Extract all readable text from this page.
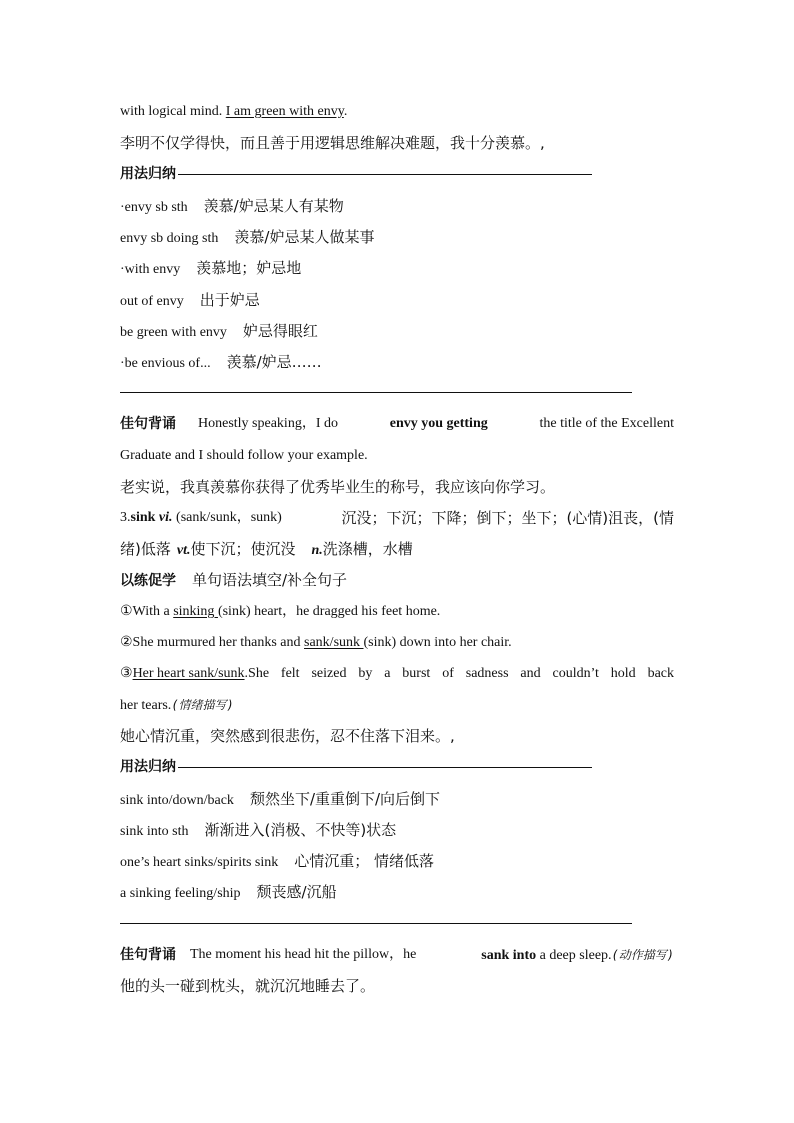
with logical mind. I am green with envy.
李明不仅学得快，而且善于用逻辑思维解决难题，我十分羡慕。,
用法归纳
·envy sb sth 羡慕/妒忌某人有某物
envy sb doing sth 羡慕/妒忌某人做某事
·with envy 羡慕地；妒忌地
out of envy 出于妒忌
be green with envy 妒忌得眼红
·be envious of... 羡慕/妒忌……
佳句背诵 Honestly speaking，I do	envy you getting	the title of the Excellent
Graduate and I should follow your example.
老实说，我真羡慕你获得了优秀毕业生的称号，我应该向你学习。
3.sink vi. (sank/sunk，sunk)	沉没；下沉；下降；倒下；坐下；(心情)沮丧，(情
绪)低落 vt.使下沉；使沉没 n.洗涤槽，水槽
以练促学 单句语法填空/补全句子
①With a sinking (sink) heart，he dragged his feet home.
②She murmured her thanks and sank/sunk (sink) down into her chair.
③ Her heart sank/sunk .She felt seized by a burst of sadness and couldn’t hold back
her tears.(情绪描写)
她心情沉重，突然感到很悲伤，忍不住落下泪来。,
用法归纳
sink into/down/back 颓然坐下/重重倒下/向后倒下
sink into sth 渐渐进入(消极、不快等)状态
one’s heart sinks/spirits sink 心情沉重； 情绪低落
a sinking feeling/ship 颓丧感/沉船
佳句背诵 The moment his head hit the pillow，he	sank into a deep sleep.(动作描写)
他的头一碰到枕头，就沉沉地睡去了。
